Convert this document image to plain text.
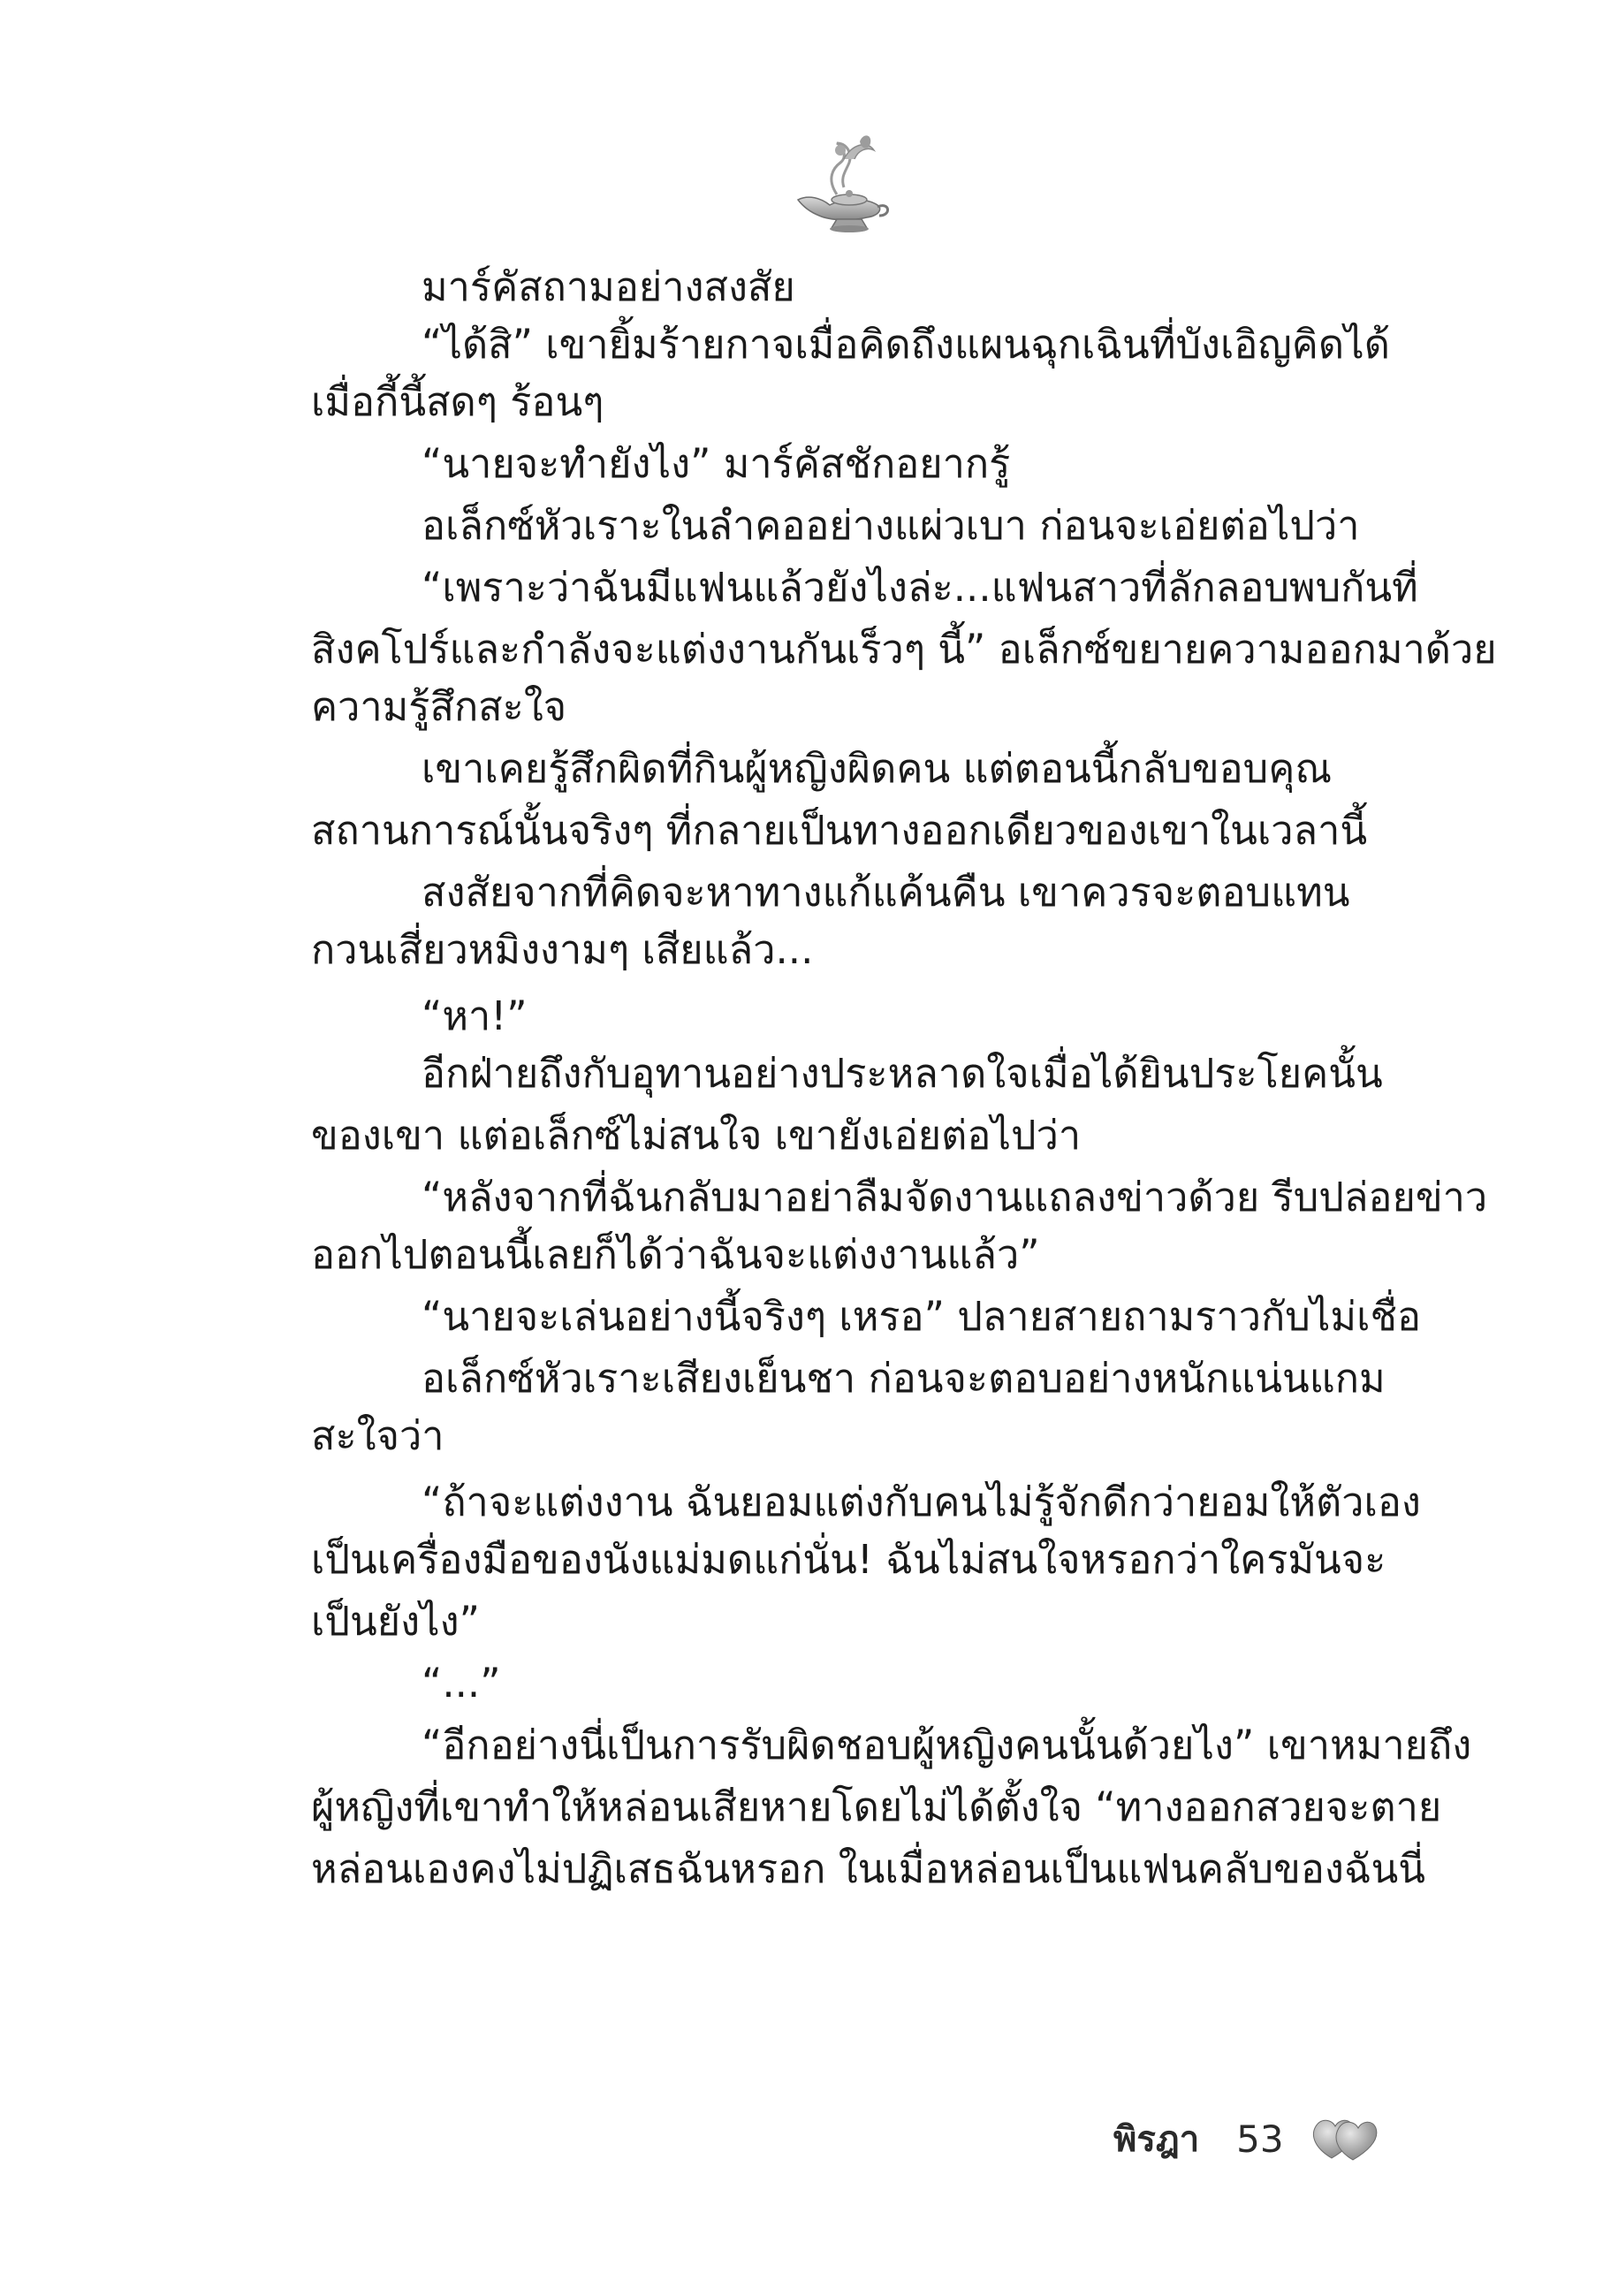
มาร์คัสถามอย่างสงสัย
“ได้สิ” เขายิ้มร้ายกาจเมื่อคิดถึงแผนฉุกเฉินที่บังเอิญคิดได้
เมื่อกี้นี้สดๆ ร้อนๆ
“นายจะทำยังไง” มาร์คัสชักอยากรู้
อเล็กซ์หัวเราะในลำคออย่างแผ่วเบา ก่อนจะเอ่ยต่อไปว่า
“เพราะว่าฉันมีแฟนแล้วยังไงล่ะ...แฟนสาวที่ลักลอบพบกันที่
สิงคโปร์และกำลังจะแต่งงานกันเร็วๆ นี้” อเล็กซ์ขยายความออกมาด้วย
ความรู้สึกสะใจ
เขาเคยรู้สึกผิดที่กินผู้หญิงผิดคน แต่ตอนนี้กลับขอบคุณ
สถานการณ์นั้นจริงๆ ที่กลายเป็นทางออกเดียวของเขาในเวลานี้
สงสัยจากที่คิดจะหาทางแก้แค้นคืน เขาควรจะตอบแทน
กวนเสี่ยวหมิงงามๆ เสียแล้ว...
“หา!”
อีกฝ่ายถึงกับอุทานอย่างประหลาดใจเมื่อได้ยินประโยคนั้น
ของเขา แต่อเล็กซ์ไม่สนใจ เขายังเอ่ยต่อไปว่า
“หลังจากที่ฉันกลับมาอย่าลืมจัดงานแถลงข่าวด้วย รีบปล่อยข่าว
ออกไปตอนนี้เลยก็ได้ว่าฉันจะแต่งงานแล้ว”
“นายจะเล่นอย่างนี้จริงๆ เหรอ” ปลายสายถามราวกับไม่เชื่อ
อเล็กซ์หัวเราะเสียงเย็นชา ก่อนจะตอบอย่างหนักแน่นแกม
สะใจว่า
“ถ้าจะแต่งงาน ฉันยอมแต่งกับคนไม่รู้จักดีกว่ายอมให้ตัวเอง
เป็นเครื่องมือของนังแม่มดแก่นั่น! ฉันไม่สนใจหรอกว่าใครมันจะ
เป็นยังไง”
“...”
“อีกอย่างนี่เป็นการรับผิดชอบผู้หญิงคนนั้นด้วยไง” เขาหมายถึง
ผู้หญิงที่เขาทำให้หล่อนเสียหายโดยไม่ได้ตั้งใจ “ทางออกสวยจะตาย
หล่อนเองคงไม่ปฏิเสธฉันหรอก ในเมื่อหล่อนเป็นแฟนคลับของฉันนี่
พิรฎา 53
